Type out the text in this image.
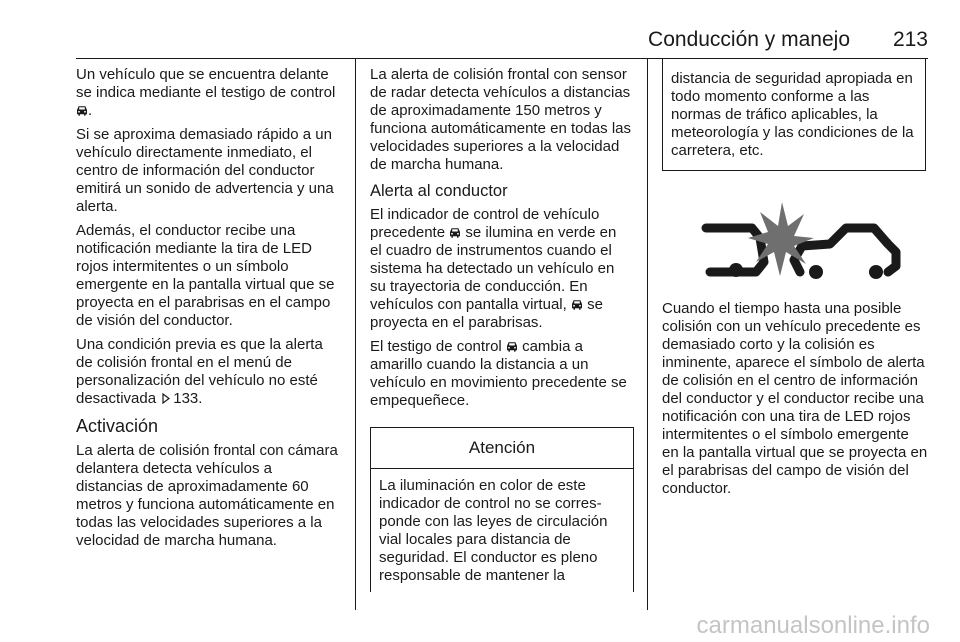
Conducción y manejo	213

Un vehículo que se encuentra delante se indica mediante el testigo de control .

Si se aproxima demasiado rápido a un vehículo directamente inmediato, el centro de información del conductor emitirá un sonido de advertencia y una alerta.

Además, el conductor recibe una notificación mediante la tira de LED rojos intermitentes o un símbolo emergente en la pantalla virtual que se proyecta en el parabrisas en el campo de visión del conductor.

Una condición previa es que la alerta de colisión frontal en el menú de personalización del vehículo no esté desactivada 133.

Activación

La alerta de colisión frontal con cámara delantera detecta vehículos a distancias de aproximadamente 60 metros y funciona automáticamente en todas las velocidades superiores a la velocidad de marcha humana.

La alerta de colisión frontal con sensor de radar detecta vehículos a distancias de aproximadamente 150 metros y funciona automáticamente en todas las velocidades superiores a la velocidad de marcha humana.

Alerta al conductor

El indicador de control de vehículo precedente  se ilumina en verde en el cuadro de instrumentos cuando el sistema ha detectado un vehículo en su trayectoria de conducción. En vehículos con pantalla virtual,  se proyecta en el parabrisas.

El testigo de control  cambia a amarillo cuando la distancia a un vehículo en movimiento precedente se empequeñece.

Atención
La iluminación en color de este indicador de control no se corresponde con las leyes de circulación vial locales para distancia de seguridad. El conductor es pleno responsable de mantener la
distancia de seguridad apropiada en todo momento conforme a las normas de tráfico aplicables, la meteorología y las condiciones de la carretera, etc.

Cuando el tiempo hasta una posible colisión con un vehículo precedente es demasiado corto y la colisión es inminente, aparece el símbolo de alerta de colisión en el centro de información del conductor y el conductor recibe una notificación con una tira de LED rojos intermitentes o el símbolo emergente en la pantalla virtual que se proyecta en el parabrisas del campo de visión del conductor.

carmanualsonline.info
